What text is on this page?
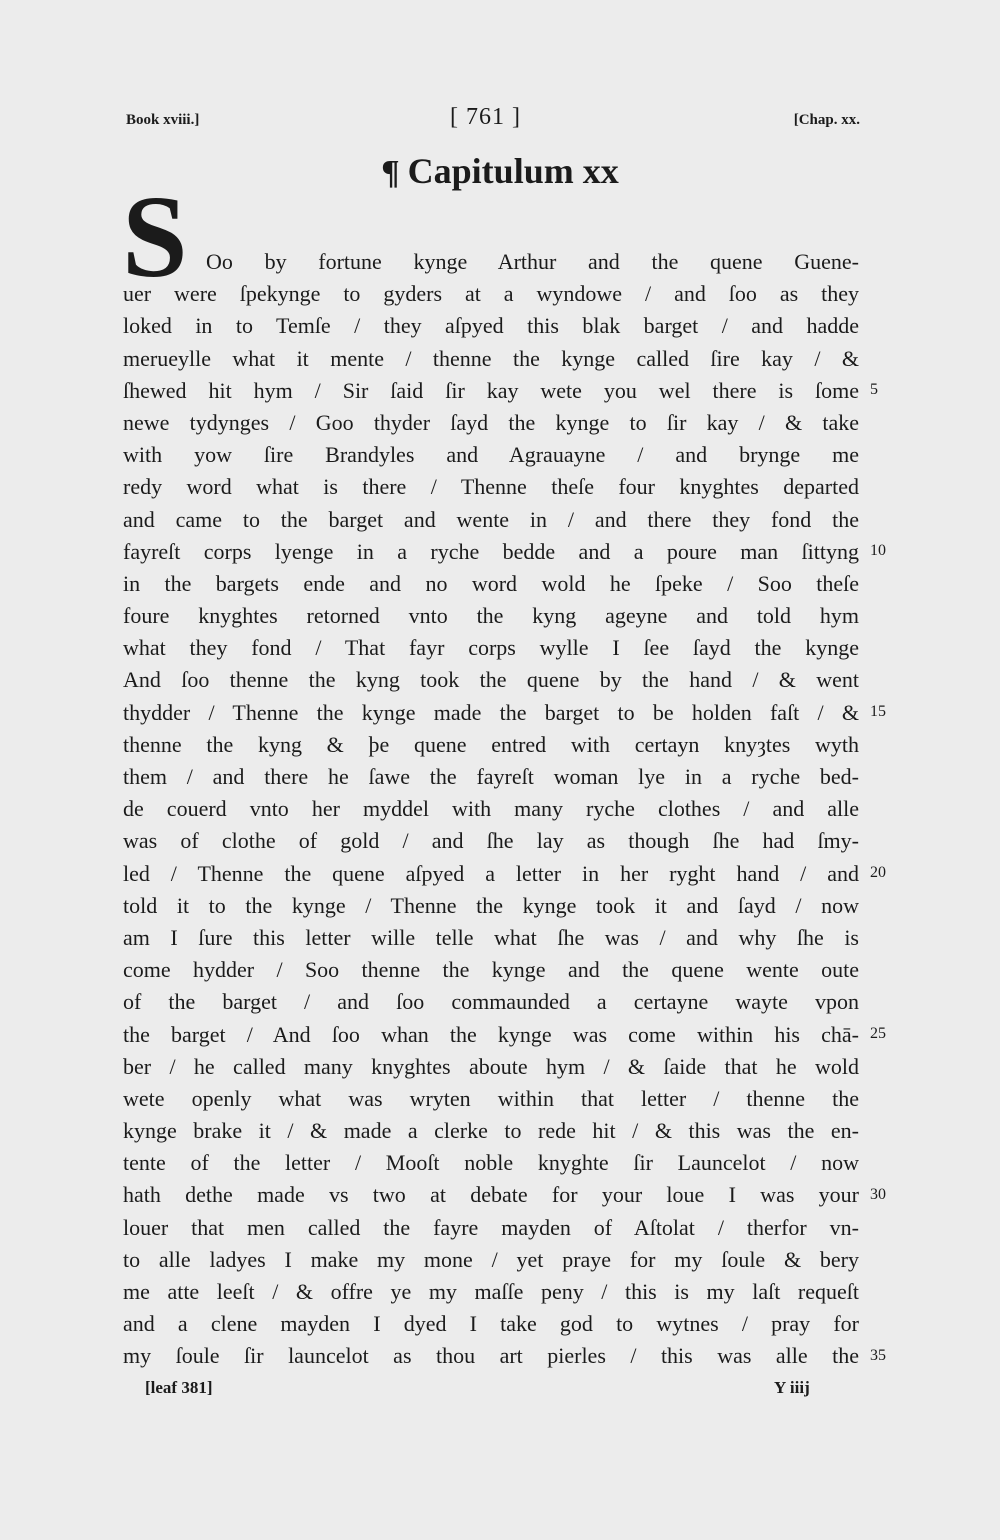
Book xviii.]	[ 761 ]	[Chap. xx.
¶ Capitulum xx
S Oo by fortune kynge Arthur and the quene Guene-
uer were ſpekynge to gyders at a wyndowe / and ſoo as they
loked in to Temſe / they aſpyed this blak barget / and hadde
merueylle what it mente / thenne the kynge called ſire kay / &
ſhewed hit hym / Sir ſaid ſir kay wete you wel there is ſome
newe tydynges / Goo thyder ſayd the kynge to ſir kay / & take
with yow ſire Brandyles and Agrauayne / and brynge me
redy word what is there / Thenne theſe four knyghtes departed
and came to the barget and wente in / and there they fond the
fayreſt corps lyenge in a ryche bedde and a poure man ſittyng
in the bargets ende and no word wold he ſpeke / Soo theſe
foure knyghtes retorned vnto the kyng ageyne and told hym
what they fond / That fayr corps wylle I ſee ſayd the kynge
And ſoo thenne the kyng took the quene by the hand / & went
thydder / Thenne the kynge made the barget to be holden faſt / &
thenne the kyng & þe quene entred with certayn knyȝtes wyth
them / and there he ſawe the fayreſt woman lye in a ryche bed-
de couerd vnto her myddel with many ryche clothes / and alle
was of clothe of gold / and ſhe lay as though ſhe had ſmy-
led / Thenne the quene aſpyed a letter in her ryght hand / and
told it to the kynge / Thenne the kynge took it and ſayd / now
am I ſure this letter wille telle what ſhe was / and why ſhe is
come hydder / Soo thenne the kynge and the quene wente oute
of the barget / and ſoo commaunded a certayne wayte vpon
the barget / And ſoo whan the kynge was come within his chā-
ber / he called many knyghtes aboute hym / & ſaide that he wold
wete openly what was wryten within that letter / thenne the
kynge brake it / & made a clerke to rede hit / & this was the en-
tente of the letter / Mooſt noble knyghte ſir Launcelot / now
hath dethe made vs two at debate for your loue I was your
louer that men called the fayre mayden of Aſtolat / therfor vn-
to alle ladyes I make my mone / yet praye for my ſoule & bery
me atte leeſt / & offre ye my maſſe peny / this is my laſt requeſt
and a clene mayden I dyed I take god to wytnes / pray for
my ſoule ſir launcelot as thou art pierles / this was alle the
5
10
15
20
25
30
35
[leaf 381]	Y iiij
